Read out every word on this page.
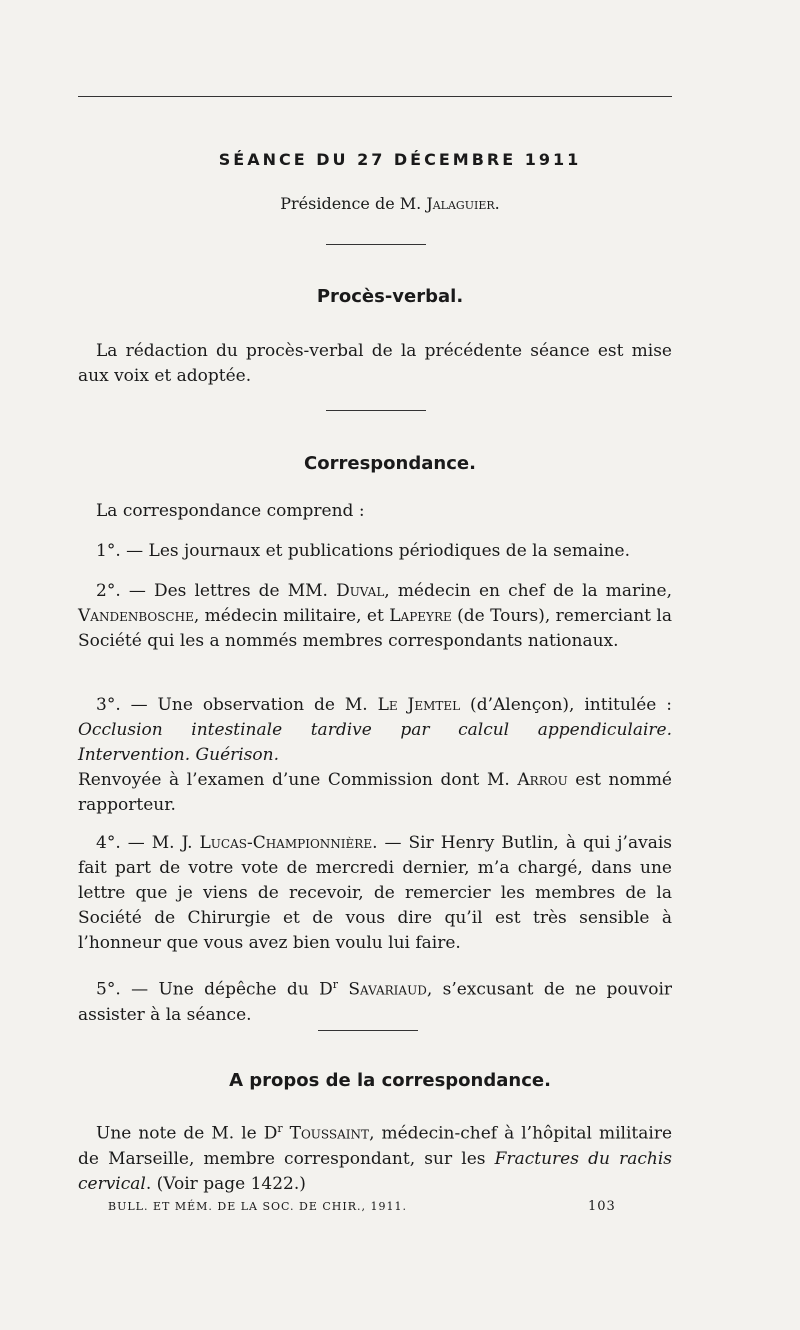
SÉANCE DU 27 DÉCEMBRE 1911
Présidence de M. Jalaguier.
Procès-verbal.

La rédaction du procès-verbal de la précédente séance est mise aux voix et adoptée.

Correspondance.

La correspondance comprend :

1°. — Les journaux et publications périodiques de la semaine.

2°. — Des lettres de MM. Duval, médecin en chef de la marine, Vandenbosche, médecin militaire, et Lapeyre (de Tours), remerciant la Société qui les a nommés membres correspondants nationaux.

3°. — Une observation de M. Le Jemtel (d’Alençon), intitulée : Occlusion intestinale tardive par calcul appendiculaire. Intervention. Guérison.

Renvoyée à l’examen d’une Commission dont M. Arrou est nommé rapporteur.

4°. — M. J. Lucas-Championnière. — Sir Henry Butlin, à qui j’avais fait part de votre vote de mercredi dernier, m’a chargé, dans une lettre que je viens de recevoir, de remercier les membres de la Société de Chirurgie et de vous dire qu’il est très sensible à l’honneur que vous avez bien voulu lui faire.

5°. — Une dépêche du $D^r$ Savariaud, s’excusant de ne pouvoir assister à la séance.

A propos de la correspondance.

Une note de M. le $D^r$ Toussaint, médecin-chef à l’hôpital militaire de Marseille, membre correspondant, sur les Fractures du rachis cervical. (Voir page 1422.)

BULL. ET MÉM. DE LA SOC. DE CHIR., 1911.	103
